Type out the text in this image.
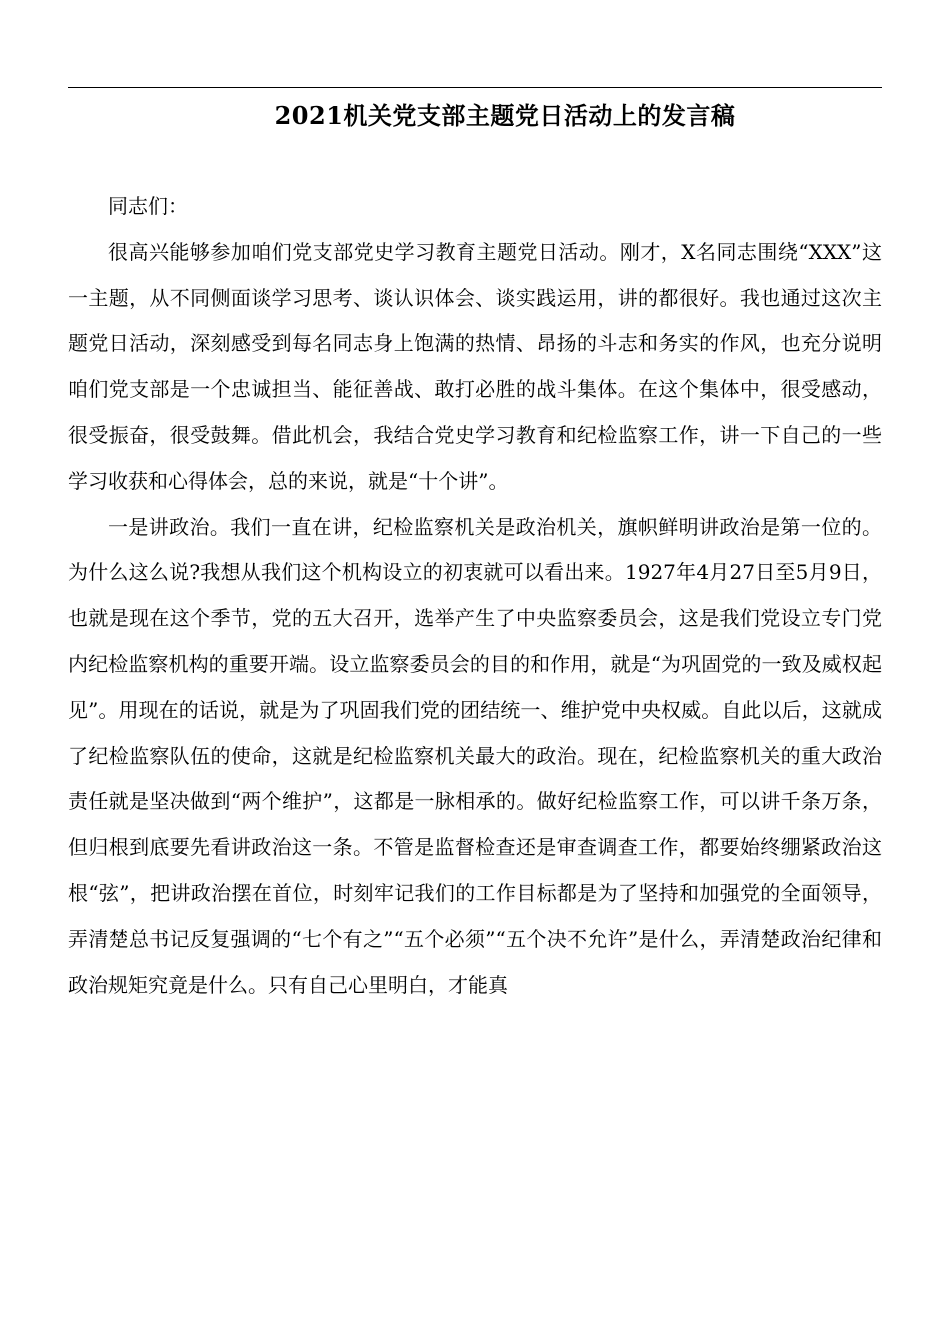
2021机关党支部主题党日活动上的发言稿

同志们：

很高兴能够参加咱们党支部党史学习教育主题党日活动。刚才，X名同志围绕“XXX”这一主题，从不同侧面谈学习思考、谈认识体会、谈实践运用，讲的都很好。我也通过这次主题党日活动，深刻感受到每名同志身上饱满的热情、昂扬的斗志和务实的作风，也充分说明咱们党支部是一个忠诚担当、能征善战、敢打必胜的战斗集体。在这个集体中，很受感动，很受振奋，很受鼓舞。借此机会，我结合党史学习教育和纪检监察工作，讲一下自己的一些学习收获和心得体会，总的来说，就是“十个讲”。

一是讲政治。我们一直在讲，纪检监察机关是政治机关，旗帜鲜明讲政治是第一位的。为什么这么说?我想从我们这个机构设立的初衷就可以看出来。1927年4月27日至5月9日，也就是现在这个季节，党的五大召开，选举产生了中央监察委员会，这是我们党设立专门党内纪检监察机构的重要开端。设立监察委员会的目的和作用，就是“为巩固党的一致及威权起见”。用现在的话说，就是为了巩固我们党的团结统一、维护党中央权威。自此以后，这就成了纪检监察队伍的使命，这就是纪检监察机关最大的政治。现在，纪检监察机关的重大政治责任就是坚决做到“两个维护”，这都是一脉相承的。做好纪检监察工作，可以讲千条万条，但归根到底要先看讲政治这一条。不管是监督检查还是审查调查工作，都要始终绷紧政治这根“弦”，把讲政治摆在首位，时刻牢记我们的工作目标都是为了坚持和加强党的全面领导，弄清楚总书记反复强调的“七个有之”“五个必须”“五个决不允许”是什么，弄清楚政治纪律和政治规矩究竟是什么。只有自己心里明白，才能真
